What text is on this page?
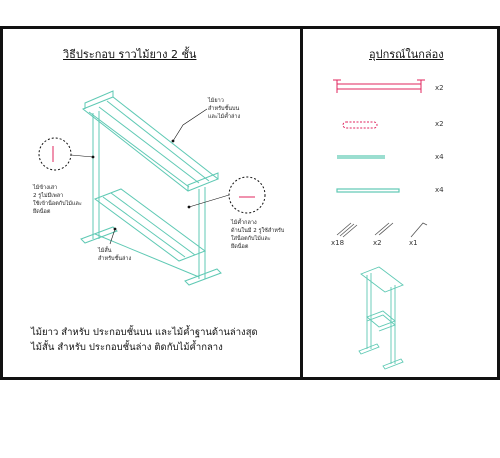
วิธีประกอบ ราวไม้ยาง 2 ชั้น
ไม้ยาว
สำหรับชั้นบน
และไม้ค้ำล่าง
ไม้ข้างเสา
2 รูไม่มีเพลา
ใช้เข้าน็อตกับไม้และ
ยึดน็อต
ไม้ค้ำกลาง
ด้านในมี 2 รูใช้สำหรับ
ใส่น็อตกับไม้และ
ยึดน็อต
ไม้สั้น
สำหรับชั้นล่าง
ไม้ยาว สำหรับ ประกอบชั้นบน และไม้ค้ำฐานด้านล่างสุด
ไม้สั้น สำหรับ ประกอบชั้นล่าง ติดกับไม้ค้ำกลาง
อุปกรณ์ในกล่อง
x2
x2
x4
x4
x18	x2	x1
